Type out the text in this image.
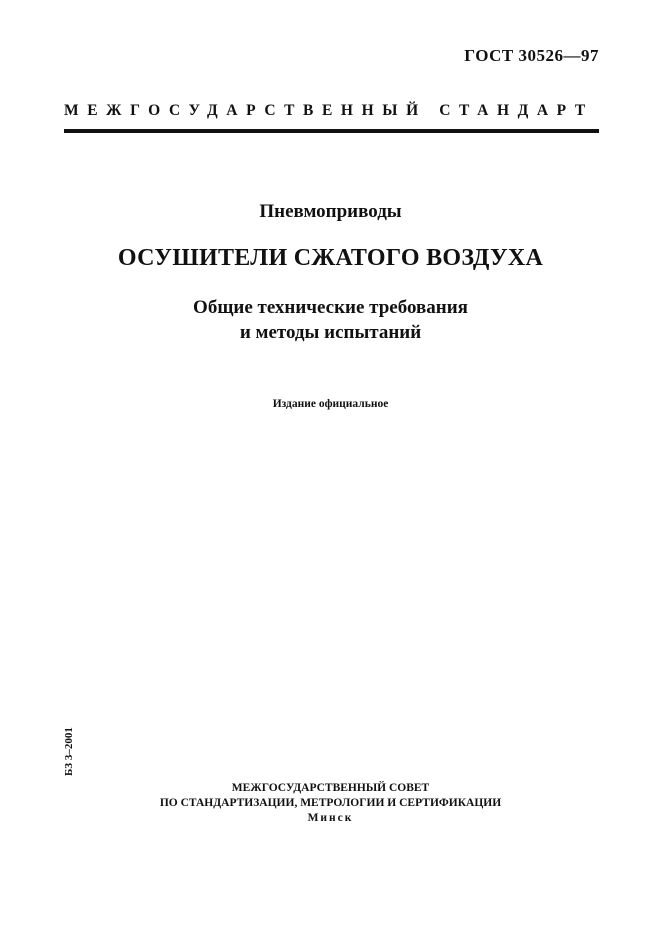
ГОСТ 30526—97
МЕЖГОСУДАРСТВЕННЫЙ СТАНДАРТ
Пневмоприводы
ОСУШИТЕЛИ СЖАТОГО ВОЗДУХА
Общие технические требования
и методы испытаний
Издание официальное
БЗ 3–2001
МЕЖГОСУДАРСТВЕННЫЙ СОВЕТ
ПО СТАНДАРТИЗАЦИИ, МЕТРОЛОГИИ И СЕРТИФИКАЦИИ
Минск
